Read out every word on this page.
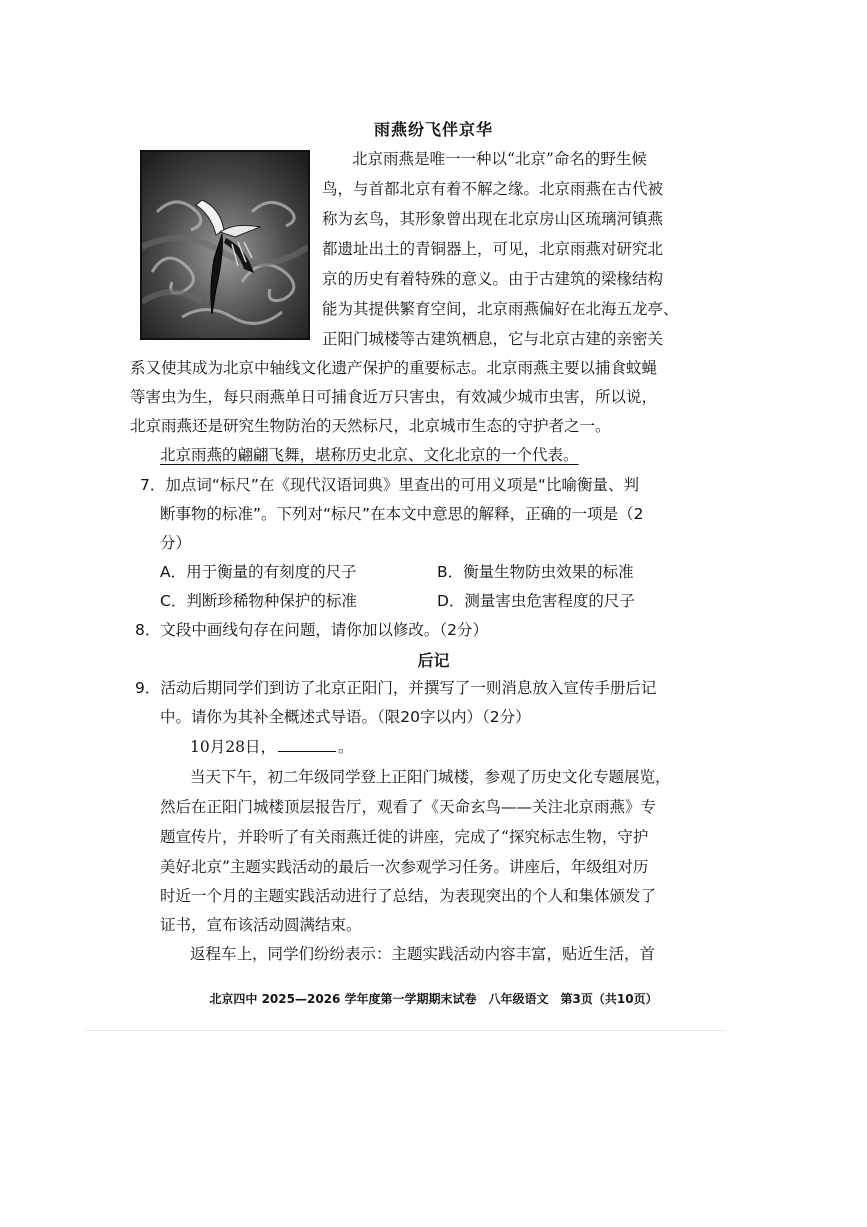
雨燕纷飞伴京华
北京雨燕是唯一一种以“北京”命名的野生候
鸟，与首都北京有着不解之缘。北京雨燕在古代被
称为玄鸟，其形象曾出现在北京房山区琉璃河镇燕
都遗址出土的青铜器上，可见，北京雨燕对研究北
京的历史有着特殊的意义。由于古建筑的梁椽结构
能为其提供繁育空间，北京雨燕偏好在北海五龙亭、
正阳门城楼等古建筑栖息，它与北京古建的亲密关
系又使其成为北京中轴线文化遗产保护的重要标志。北京雨燕主要以捕食蚊蝇
等害虫为生，每只雨燕单日可捕食近万只害虫，有效减少城市虫害，所以说，
北京雨燕还是研究生物防治的天然标尺，北京城市生态的守护者之一。
北京雨燕的翩翩飞舞，堪称历史北京、文化北京的一个代表。
7．加点词“标尺”在《现代汉语词典》里查出的可用义项是“比喻衡量、判
断事物的标准”。下列对“标尺”在本文中意思的解释，正确的一项是（2
分）
A．用于衡量的有刻度的尺子	B．衡量生物防虫效果的标准
C．判断珍稀物种保护的标准	D．测量害虫危害程度的尺子
8．文段中画线句存在问题，请你加以修改。（2分）
后记
9．活动后期同学们到访了北京正阳门，并撰写了一则消息放入宣传手册后记
中。请你为其补全概述式导语。（限20字以内）（2分）
10月28日，	。
当天下午，初二年级同学登上正阳门城楼，参观了历史文化专题展览，
然后在正阳门城楼顶层报告厅，观看了《天命玄鸟——关注北京雨燕》专
题宣传片，并聆听了有关雨燕迁徙的讲座，完成了“探究标志生物，守护
美好北京”主题实践活动的最后一次参观学习任务。讲座后，年级组对历
时近一个月的主题实践活动进行了总结，为表现突出的个人和集体颁发了
证书，宣布该活动圆满结束。
返程车上，同学们纷纷表示：主题实践活动内容丰富，贴近生活，首
北京四中 2025—2026 学年度第一学期期末试卷　八年级语文　第3页（共10页）
